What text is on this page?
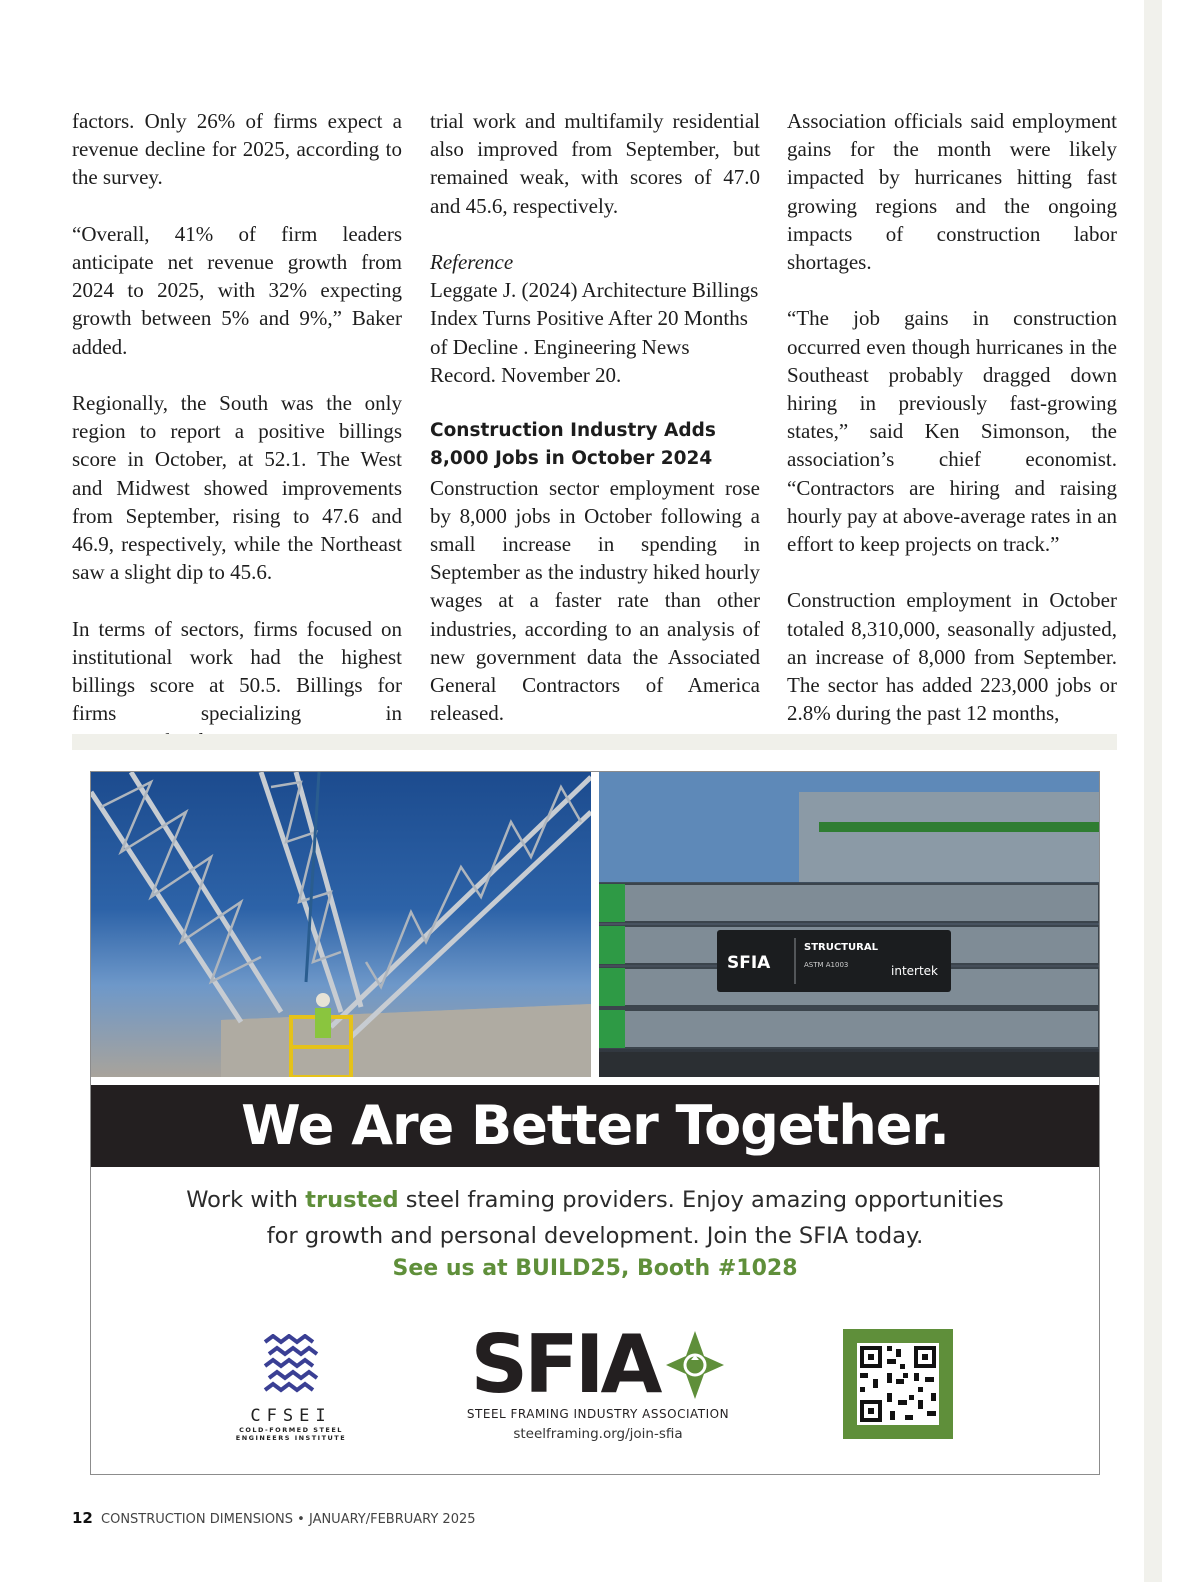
factors. Only 26% of firms expect a revenue decline for 2025, according to the survey.

“Overall, 41% of firm leaders anticipate net revenue growth from 2024 to 2025, with 32% expecting growth between 5% and 9%,” Baker added.

Regionally, the South was the only region to report a positive billings score in October, at 52.1. The West and Midwest showed improvements from September, rising to 47.6 and 46.9, respectively, while the Northeast saw a slight dip to 45.6.

In terms of sectors, firms focused on institutional work had the highest billings score at 50.5. Billings for firms specializing in

trial work and multifamily residential also improved from September, but remained weak, with scores of 47.0 and 45.6, respectively.

Reference

Leggate J. (2024) Architecture Billings Index Turns Positive After 20 Months of Decline . Engineering News Record. November 20.

Construction Industry Adds
8,000 Jobs in October 2024

Construction sector employment rose by 8,000 jobs in October following a small increase in spending in September as the industry hiked hourly wages at a faster rate than other industries, according to an analysis of new government data the Associated General Contractors of America released.

Association officials said employment gains for the month were likely impacted by hurricanes hitting fast growing regions and the ongoing impacts of construction labor shortages.

“The job gains in construction occurred even though hurricanes in the Southeast probably dragged down hiring in previously fast-growing states,” said Ken Simonson, the association’s chief economist. “Contractors are hiring and raising hourly pay at above-average rates in an effort to keep projects on track.”

Construction employment in October totaled 8,310,000, seasonally adjusted, an increase of 8,000 from September. The sector has added 223,000 jobs or 2.8% during the past 12 months,

SFIA
STRUCTURAL
ASTM A1003	intertek
We Are Better Together.
Work with trusted steel framing providers. Enjoy amazing opportunities
for growth and personal development. Join the SFIA today.
See us at BUILD25, Booth #1028
CFSEI
COLD-FORMED STEEL
ENGINEERS INSTITUTE
SFIA
STEEL FRAMING INDUSTRY ASSOCIATION
steelframing.org/join-sfia
12 CONSTRUCTION DIMENSIONS • JANUARY/FEBRUARY 2025
